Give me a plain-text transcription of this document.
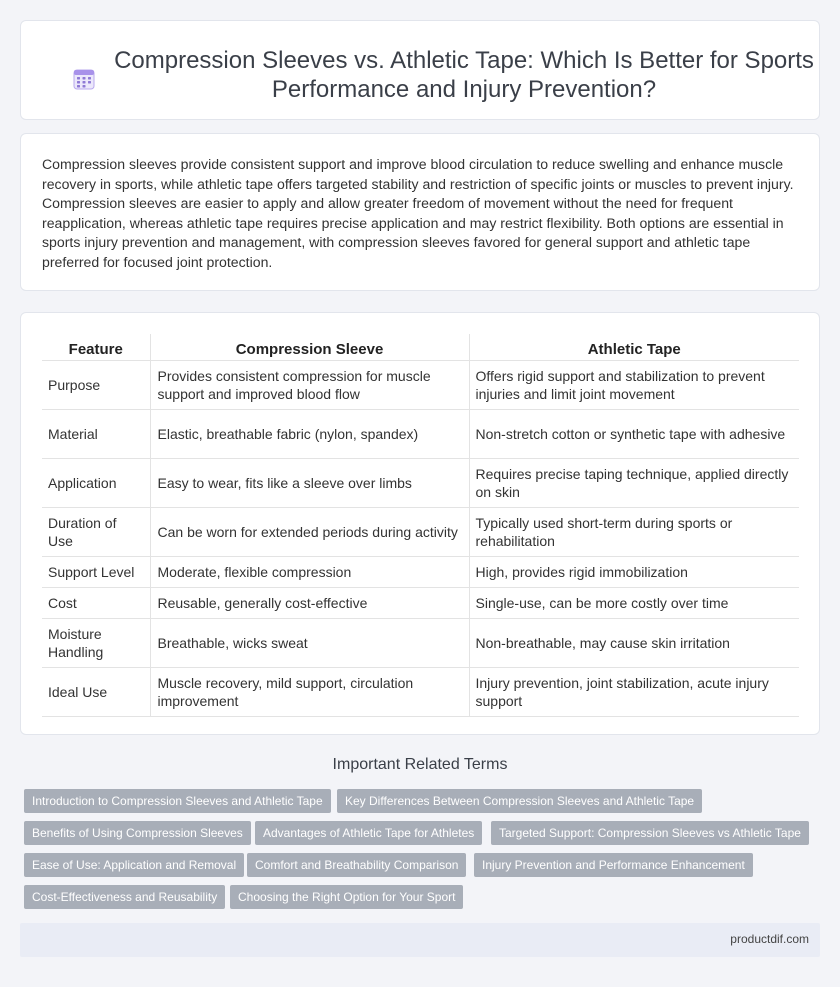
Compression Sleeves vs. Athletic Tape: Which Is Better for Sports Performance and Injury Prevention?

Compression sleeves provide consistent support and improve blood circulation to reduce swelling and enhance muscle recovery in sports, while athletic tape offers targeted stability and restriction of specific joints or muscles to prevent injury. Compression sleeves are easier to apply and allow greater freedom of movement without the need for frequent reapplication, whereas athletic tape requires precise application and may restrict flexibility. Both options are essential in sports injury prevention and management, with compression sleeves favored for general support and athletic tape preferred for focused joint protection.

Feature	Compression Sleeve	Athletic Tape
Purpose	Provides consistent compression for muscle support and improved blood flow	Offers rigid support and stabilization to prevent injuries and limit joint movement
Material	Elastic, breathable fabric (nylon, spandex)	Non-stretch cotton or synthetic tape with adhesive
Application	Easy to wear, fits like a sleeve over limbs	Requires precise taping technique, applied directly on skin
Duration of Use	Can be worn for extended periods during activity	Typically used short-term during sports or rehabilitation
Support Level	Moderate, flexible compression	High, provides rigid immobilization
Cost	Reusable, generally cost-effective	Single-use, can be more costly over time
Moisture Handling	Breathable, wicks sweat	Non-breathable, may cause skin irritation
Ideal Use	Muscle recovery, mild support, circulation improvement	Injury prevention, joint stabilization, acute injury support
Important Related Terms
Introduction to Compression Sleeves and Athletic Tape	Key Differences Between Compression Sleeves and Athletic Tape
Benefits of Using Compression Sleeves	Advantages of Athletic Tape for Athletes	Targeted Support: Compression Sleeves vs Athletic Tape
Ease of Use: Application and Removal	Comfort and Breathability Comparison	Injury Prevention and Performance Enhancement
Cost-Effectiveness and Reusability	Choosing the Right Option for Your Sport
productdif.com
